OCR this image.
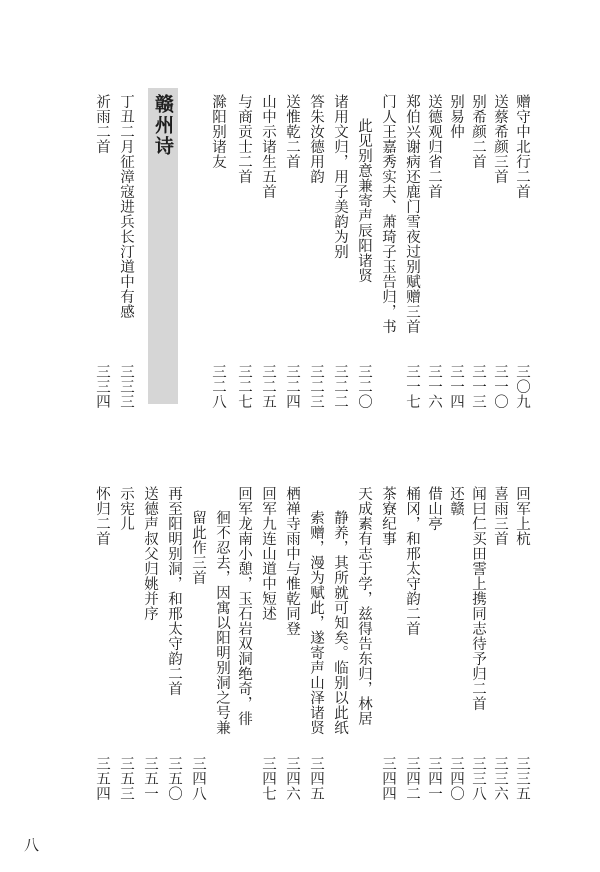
赣州诗	赠守中北行二首
三〇九
送蔡希颜三首
三一〇
别希颜二首
三一三
别易仲
三一四
送德观归省二首
三一六
郑伯兴谢病还鹿门雪夜过别赋赠三首
三一七
门人王嘉秀实夫、萧琦子玉告归，书
此见别意兼寄声辰阳诸贤
三二〇
诸用文归，用子美韵为别
三二二
答朱汝德用韵
三二三
送惟乾二首
三二四
山中示诸生五首
三二五
与商贡士二首
三二七
滁阳别诸友
三二八
丁丑二月征漳寇进兵长汀道中有感
三三三
祈雨二首
三三四
回军上杭
三三五
喜雨三首
三三六
闻曰仁买田霅上携同志待予归二首
三三八
还赣
三四〇
借山亭
三四一
桶冈，和邢太守韵二首
三四二
茶寮纪事
三四四
天成素有志于学，兹得告东归，林居
静养，其所就可知矣。临别以此纸
索赠，漫为赋此，遂寄声山泽诸贤
三四五
栖禅寺雨中与惟乾同登
三四六
回军九连山道中短述
三四七
回军龙南小憩，玉石岩双洞绝奇，徘
徊不忍去，因寓以阳明别洞之号兼
留此作三首
三四八
再至阳明别洞，和邢太守韵二首
三五〇
送德声叔父归姚并序
三五一
示宪儿
三五三
怀归二首
三五四
八
